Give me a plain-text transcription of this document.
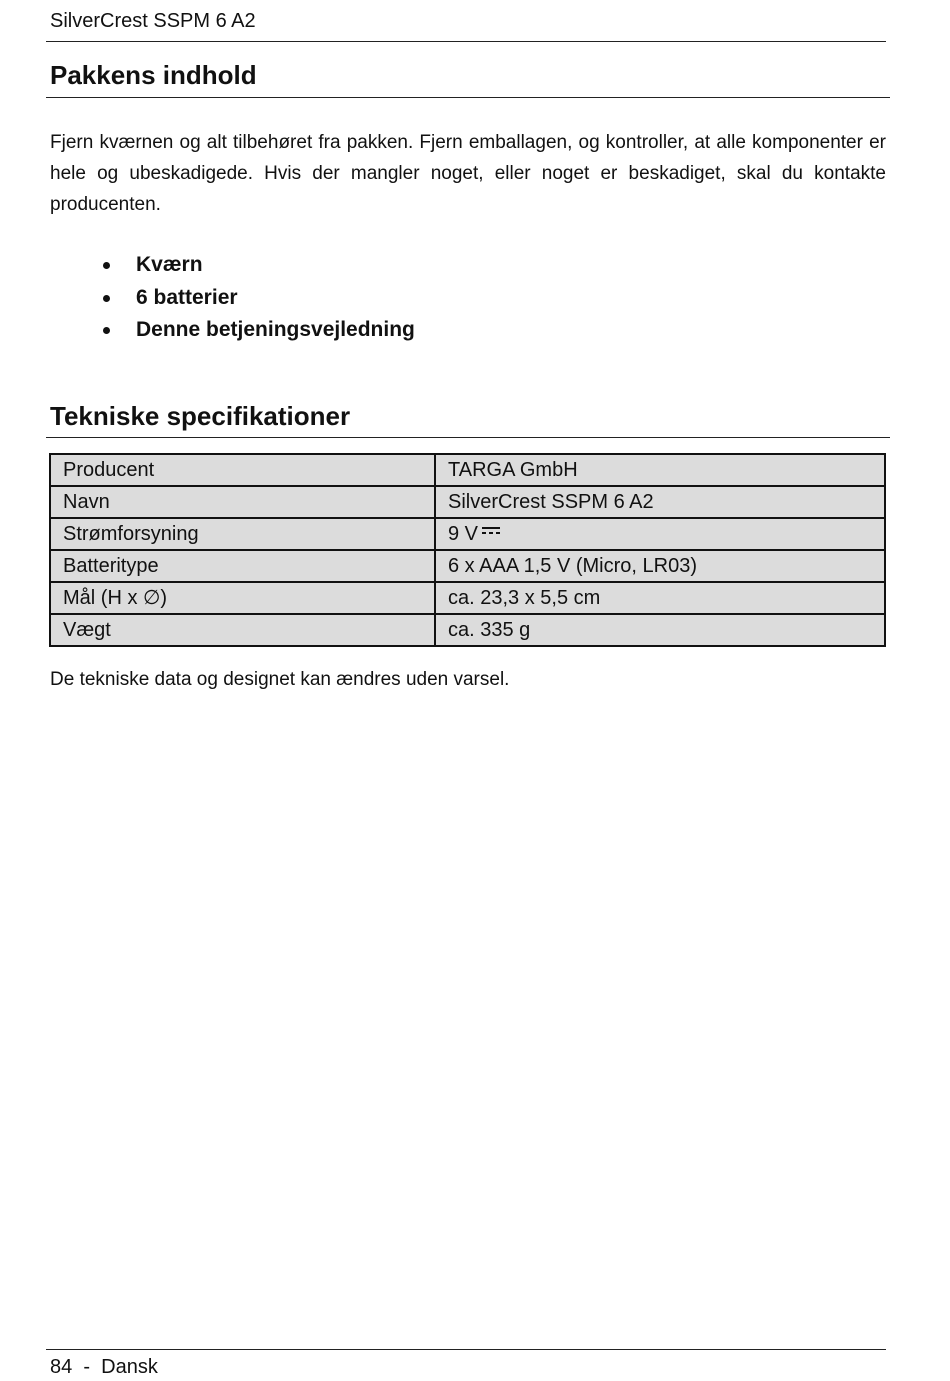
SilverCrest SSPM 6 A2
Pakkens indhold

Fjern kværnen og alt tilbehøret fra pakken. Fjern emballagen, og kontroller, at alle komponenter er hele og ubeskadigede. Hvis der mangler noget, eller noget er beskadiget, skal du kontakte producenten.

Kværn
6 batterier
Denne betjeningsvejledning
Tekniske specifikationer
Producent	TARGA GmbH
Navn	SilverCrest SSPM 6 A2
Strømforsyning	9 V
Batteritype	6 x AAA 1,5 V (Micro, LR03)
Mål (H x ∅)	ca. 23,3 x 5,5 cm
Vægt	ca. 335 g

De tekniske data og designet kan ændres uden varsel.

84 - Dansk
